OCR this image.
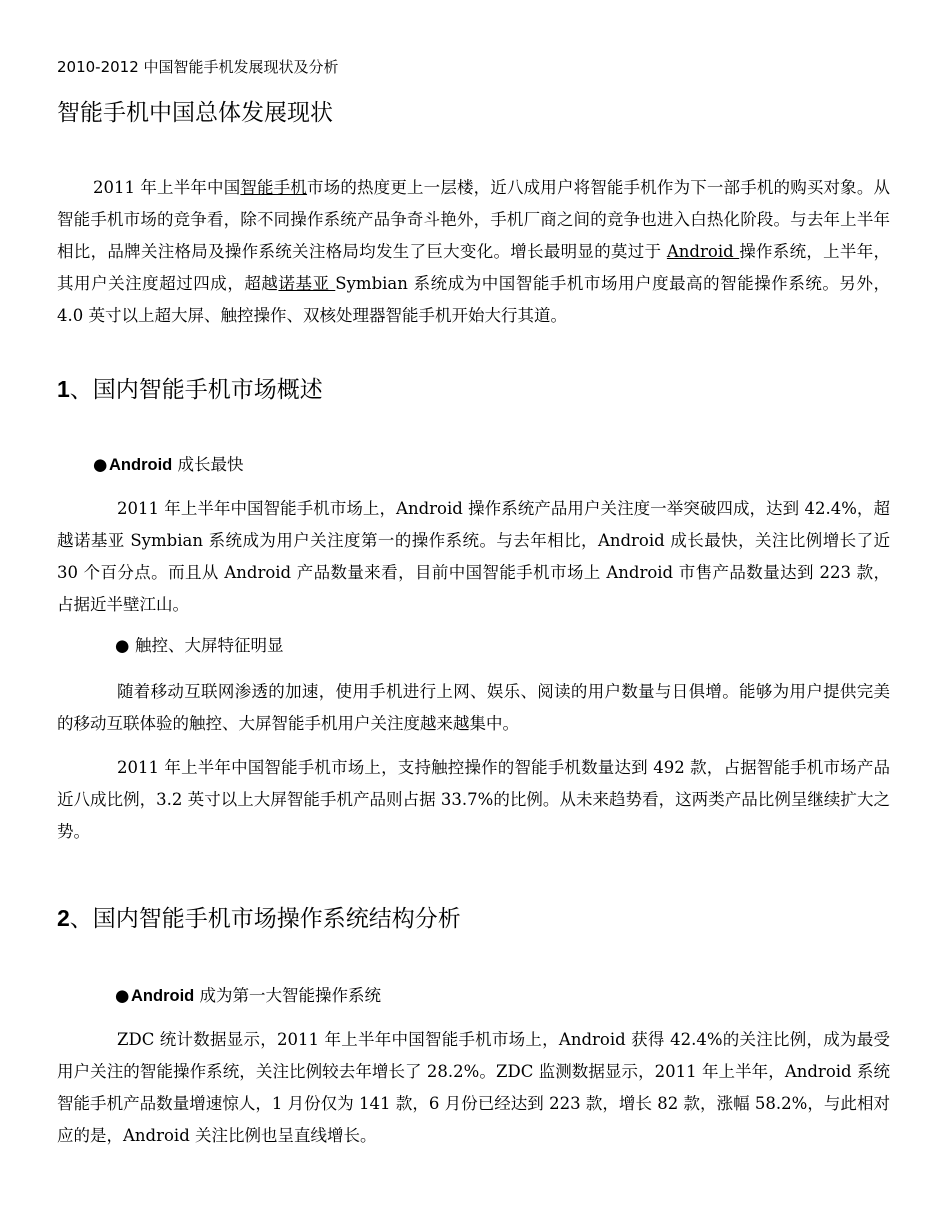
2010-2012 中国智能手机发展现状及分析
智能手机中国总体发展现状

2011 年上半年中国智能手机市场的热度更上一层楼，近八成用户将智能手机作为下一部手机的购买对象。从智能手机市场的竞争看，除不同操作系统产品争奇斗艳外，手机厂商之间的竞争也进入白热化阶段。与去年上半年相比，品牌关注格局及操作系统关注格局均发生了巨大变化。增长最明显的莫过于 Android 操作系统，上半年，其用户关注度超过四成，超越诺基亚 Symbian 系统成为中国智能手机市场用户度最高的智能操作系统。另外，4.0 英寸以上超大屏、触控操作、双核处理器智能手机开始大行其道。

1、国内智能手机市场概述
●Android 成长最快

2011 年上半年中国智能手机市场上，Android 操作系统产品用户关注度一举突破四成，达到 42.4%，超越诺基亚 Symbian 系统成为用户关注度第一的操作系统。与去年相比，Android 成长最快，关注比例增长了近 30 个百分点。而且从 Android 产品数量来看，目前中国智能手机市场上 Android 市售产品数量达到 223 款，占据近半壁江山。

● 触控、大屏特征明显

随着移动互联网渗透的加速，使用手机进行上网、娱乐、阅读的用户数量与日俱增。能够为用户提供完美的移动互联体验的触控、大屏智能手机用户关注度越来越集中。

2011 年上半年中国智能手机市场上，支持触控操作的智能手机数量达到 492 款，占据智能手机市场产品近八成比例，3.2 英寸以上大屏智能手机产品则占据 33.7%的比例。从未来趋势看，这两类产品比例呈继续扩大之势。

2、国内智能手机市场操作系统结构分析
●Android 成为第一大智能操作系统

ZDC 统计数据显示，2011 年上半年中国智能手机市场上，Android 获得 42.4%的关注比例，成为最受用户关注的智能操作系统，关注比例较去年增长了 28.2%。ZDC 监测数据显示，2011 年上半年，Android 系统智能手机产品数量增速惊人，1 月份仅为 141 款，6 月份已经达到 223 款，增长 82 款，涨幅 58.2%，与此相对应的是，Android 关注比例也呈直线增长。
